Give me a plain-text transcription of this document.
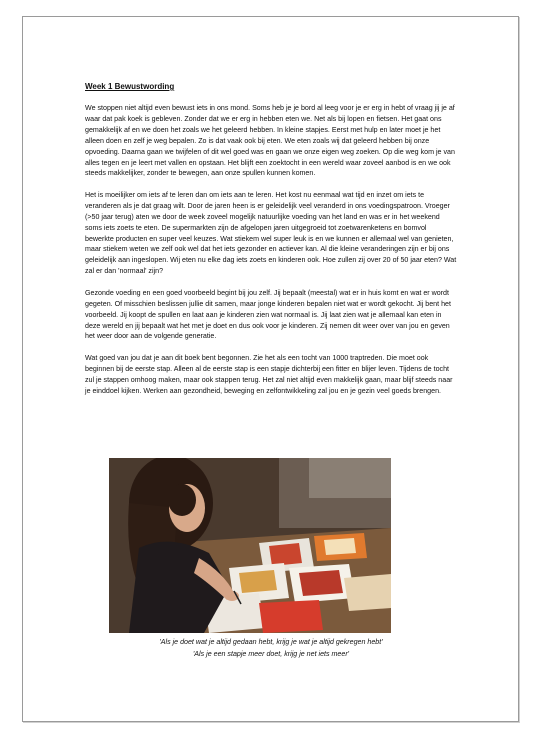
Week 1 Bewustwording

We stoppen niet altijd even bewust iets in ons mond. Soms heb je je bord al leeg voor je er erg in hebt of vraag jij je af waar dat pak koek is gebleven. Zonder dat we er erg in hebben eten we. Net als bij lopen en fietsen. Het gaat ons gemakkelijk af en we doen het zoals we het geleerd hebben. In kleine stapjes. Eerst met hulp en later moet je het alleen doen en zelf je weg bepalen. Zo is dat vaak ook bij eten. We eten zoals wij dat geleerd hebben bij onze opvoeding. Daarna gaan we twijfelen of dit wel goed was en gaan we onze eigen weg zoeken. Op die weg kom je van alles tegen en je leert met vallen en opstaan. Het blijft een zoektocht in een wereld waar zoveel aanbod is en we ook steeds makkelijker, zonder te bewegen, aan onze spullen kunnen komen.

Het is moeilijker om iets af te leren dan om iets aan te leren. Het kost nu eenmaal wat tijd en inzet om iets te veranderen als je dat graag wilt. Door de jaren heen is er geleidelijk veel veranderd in ons voedingspatroon. Vroeger (>50 jaar terug) aten we door de week zoveel mogelijk natuurlijke voeding van het land en was er in het weekend soms iets zoets te eten. De supermarkten zijn de afgelopen jaren uitgegroeid tot zoetwarenketens en bomvol bewerkte producten en super veel keuzes. Wat stiekem wel super leuk is en we kunnen er allemaal wel van genieten, maar stiekem weten we zelf ook wel dat het iets gezonder en actiever kan. Al die kleine veranderingen zijn er bij ons geleidelijk aan ingeslopen. Wij eten nu elke dag iets zoets en kinderen ook. Hoe zullen zij over 20 of 50 jaar eten? Wat zal er dan 'normaal' zijn?

Gezonde voeding en een goed voorbeeld begint bij jou zelf. Jij bepaalt (meestal) wat er in huis komt en wat er wordt gegeten. Of misschien beslissen jullie dit samen, maar jonge kinderen bepalen niet wat er wordt gekocht. Jij bent het voorbeeld. Jij koopt de spullen en laat aan je kinderen zien wat normaal is. Jij laat zien wat je allemaal kan eten in deze wereld en jij bepaalt wat het met je doet en dus ook voor je kinderen. Zij nemen dit weer over van jou en geven het weer door aan de volgende generatie.

Wat goed van jou dat je aan dit boek bent begonnen. Zie het als een tocht van 1000 traptreden. Die moet ook beginnen bij de eerste stap. Alleen al de eerste stap is een stapje dichterbij een fitter en blijer leven. Tijdens de tocht zul je stappen omhoog maken, maar ook stappen terug. Het zal niet altijd even makkelijk gaan, maar blijf steeds naar je einddoel kijken. Werken aan gezondheid, beweging en zelfontwikkeling zal jou en je gezin veel goeds brengen.

'Als je doet wat je altijd gedaan hebt, krijg je wat je altijd gekregen hebt'
'Als je een stapje meer doet, krijg je net iets meer'
